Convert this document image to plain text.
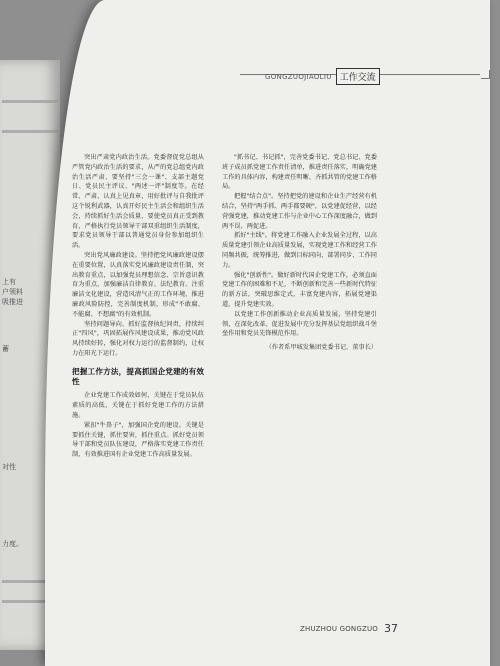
上有
户领料
吸推进
蓄
对性
力度。
GONGZUOJIAOLIU 工作交流

突出严肃党内政治生活。党委督促党总组从严管党内政治生活的要求，从严的党总组党内政治生活严肃、要坚持"三会一课"、支部主题党日、党员民主评议、"两述一评"制度等。在经常、严肃、认真上见真章，用好批评与自我批评这个锐利武器，认真开好民主生活会和组织生活会，持续抓好生活会质量，要使党员真正受到教育，严格执行党员领导干部双重组织生活制度，要求党员领导干部以普通党员身份参加组织生活。

突出党风廉政建设。坚持把党风廉政建设摆在重要位置，认真落实党风廉政建设责任制，突出教育重点，以加强党员理想信念、宗旨意识教育为重点，加强廉洁自律教育、法纪教育。注重廉洁文化建设，营造风清气正的工作环境，推进廉政风险防控，完善制度机制，形成"不敢腐、不能腐、不想腐"的有效机制。

坚持问题导向、抓好监督执纪问责，持续纠正"四风"，巩固拓展作风建设成果，推动党风政风持续好转，强化对权力运行的监督制约，让权力在阳光下运行。

把握工作方法，提高抓国企党建的有效性

企业党建工作成效如何，关键在于党员队伍素质的高低，关键在于抓好党建工作的方法措施。

紧扣"牛鼻子"，加强国企党的建设。关键是要抓住关键，抓住要害，抓住重点。抓好党员领导干部和党员队伍建设，严格落实党建工作责任制，有效推进国有企业党建工作高质量发展。

"抓书记、书记抓"，完善党委书记、党总书记、党委班子成员抓党建工作责任清单，推进责任落实，明确党建工作的具体内容，构建责任明晰、齐抓共管的党建工作格局。

把握"结合点"。坚持把党的建设和企业生产经营有机结合，坚持"两手抓、两手都要硬"，以党建促经营，以经营强党建，推动党建工作与企业中心工作深度融合，做到两不误、两促进。

抓好"主线"。将党建工作融入企业发展全过程，以高质量党建引领企业高质量发展，实现党建工作和经营工作同频共振，统筹推进，做到目标同向、部署同步、工作同力。

强化"创新性"。做好新时代国企党建工作，必须直面党建工作的困难和不足，不断创新和完善一些新时代特征的新方法，突破思维定式，丰富党建内容，拓展党建渠道，提升党建实效。

以党建工作创新推动企业高质量发展，坚持党建引领，在深化改革、促进发展中充分发挥基层党组织战斗堡垒作用和党员先锋模范作用。

（作者系甲城发集团党委书记、董事长）
ZHUZHOU GONGZUO 37
